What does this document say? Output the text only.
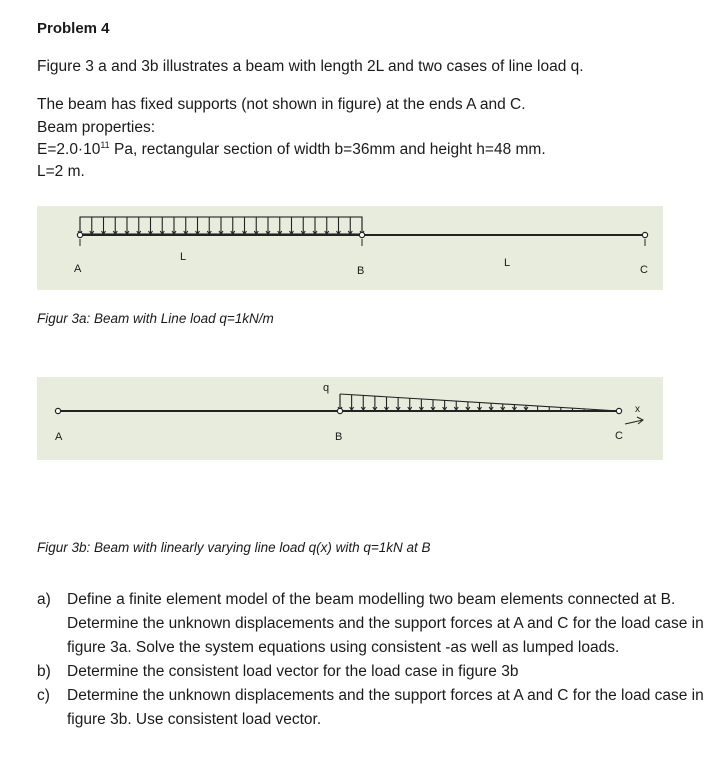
Problem 4
Figure 3 a and 3b illustrates a beam with length 2L and two cases of line load q.
The beam has fixed supports (not shown in figure) at the ends A and C.
Beam properties:
$E=2.0\cdot 10^{11}$ Pa, rectangular section of width b=36mm and height h=48 mm.
L=2 m.
A
L
B
L
C
Figur 3a: Beam with Line load q=1kN/m
A
q
B	C
x
Figur 3b: Beam with linearly varying line load q(x) with q=1kN at B
a)	Define a finite element model of the beam modelling two beam elements connected at B. Determine the unknown displacements and the support forces at A and C for the load case in figure 3a. Solve the system equations using consistent -as well as lumped loads.
b)	Determine the consistent load vector for the load case in figure 3b
c)	Determine the unknown displacements and the support forces at A and C for the load case in figure 3b. Use consistent load vector.
